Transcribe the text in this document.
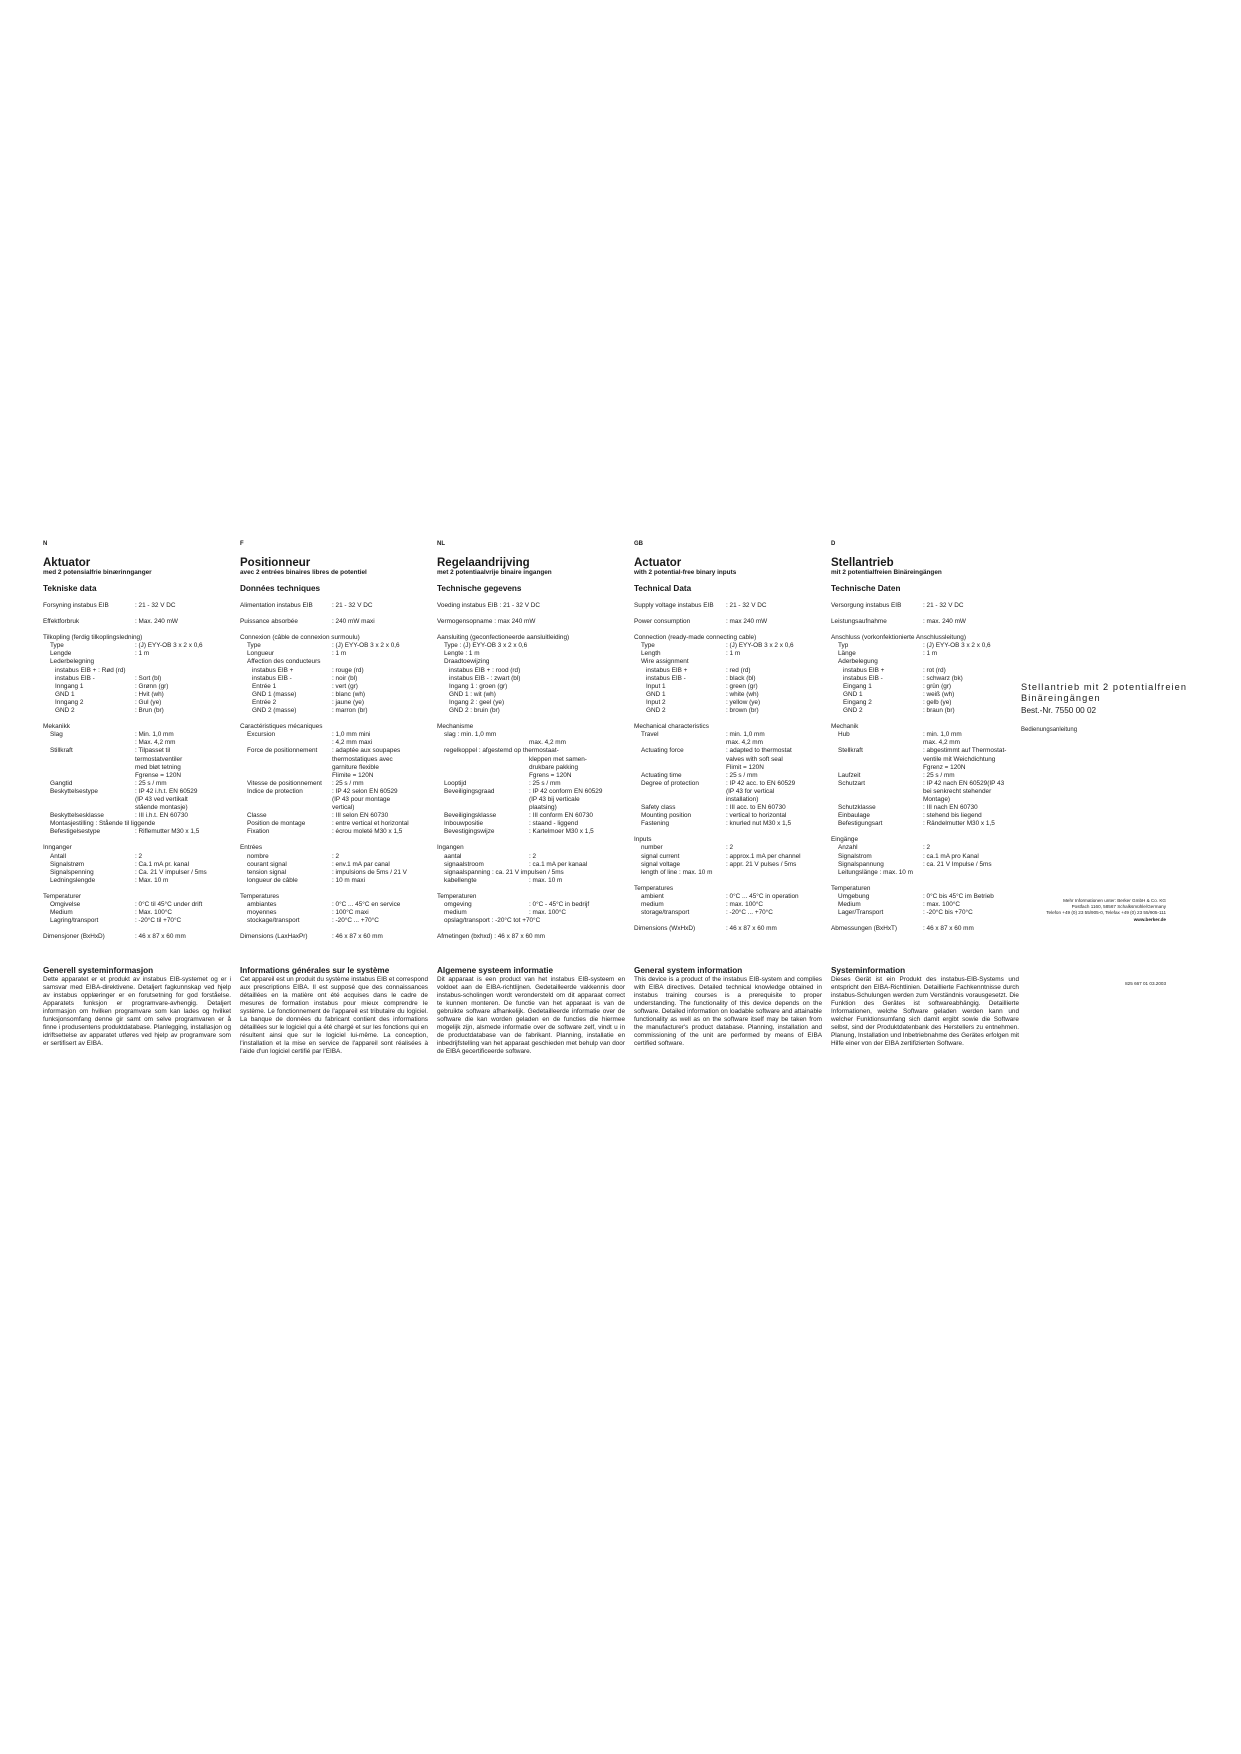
N
Aktuator
med 2 potensialfrie binærinnganger
Tekniske data
Forsyning instabus EIB	: 21 - 32 V DC
Effektforbruk	: Max. 240 mW
Tilkopling (ferdig tilkoplingsledning)
Type	: (J) EYY-OB 3 x 2 x 0,6
Lengde	: 1 m
Lederbelegning
instabus EIB + : Rød (rd)
instabus EIB -	: Sort (bl)
Inngang 1	: Grønn (gr)
GND 1	: Hvit (wh)
Inngang 2	: Gul (ye)
GND 2	: Brun (br)
Mekanikk
Slag	: Min. 1,0 mm
: Max. 4,2 mm
Stillkraft	: Tilpasset til
termostatventiler
med bløt tetning
Fgrense = 120N
Gangtid	: 25 s / mm
Beskyttelsestype	: IP 42 i.h.t. EN 60529
(IP 43 ved vertikalt
stående montasje)
Beskyttelsesklasse	: III i.h.t. EN 60730
Montasjestilling : Stående til liggende
Befestigelsestype	: Riflemutter M30 x 1,5
Innganger
Antall	: 2
Signalstrøm	: Ca.1 mA pr. kanal
Signalspenning	: Ca. 21 V impulser / 5ms
Ledningslengde	: Max. 10 m
Temperaturer
Omgivelse	: 0°C til 45°C under drift
Medium	: Max. 100°C
Lagring/transport	: -20°C til +70°C
Dimensjoner (BxHxD)	: 46 x 87 x 60 mm
Generell systeminformasjon
Dette apparatet er et produkt av instabus EIB-systemet og er i samsvar med EIBA-direktivene. Detaljert fagkunnskap ved hjelp av instabus opplæringer er en forutsetning for god forståelse. Apparatets funksjon er programvare-avhengig. Detaljert informasjon om hvilken programvare som kan lades og hvilket funksjonsomfang denne gir samt om selve programvaren er å finne i produsentens produktdatabase. Planlegging, installasjon og idriftsettelse av apparatet utføres ved hjelp av programvare som er sertifisert av EIBA.
F
Positionneur
avec 2 entrées binaires libres de potentiel
Données techniques
Alimentation instabus EIB	: 21 - 32 V DC
Puissance absorbée	: 240 mW maxi
Connexion (câble de connexion surmoulu)
Type	: (J) EYY-OB 3 x 2 x 0,6
Longueur	: 1 m
Affection des conducteurs
instabus EIB +	: rouge (rd)
instabus EIB -	: noir (bl)
Entrée 1	: vert (gr)
GND 1 (masse)	: blanc (wh)
Entrée 2	: jaune (ye)
GND 2 (masse)	: marron (br)
Caractéristiques mécaniques
Excursion	: 1,0 mm mini
: 4,2 mm maxi
Force de positionnement	: adaptée aux soupapes
thermostatiques avec
garniture flexible
Flimite = 120N
Vitesse de positionnement	: 25 s / mm
Indice de protection	: IP 42 selon EN 60529
(IP 43 pour montage
vertical)
Classe	: III selon EN 60730
Position de montage	: entre vertical et horizontal
Fixation	: écrou moleté M30 x 1,5
Entrées
nombre	: 2
courant signal	: env.1 mA par canal
tension signal	: impulsions de 5ms / 21 V
longueur de câble	: 10 m maxi
Temperatures
ambiantes	: 0°C ... 45°C en service
moyennes	: 100°C maxi
stockage/transport	: -20°C ... +70°C
Dimensions (LaxHaxPr)	: 46 x 87 x 60 mm
Informations générales sur le système
Cet appareil est un produit du système instabus EIB et correspond aux prescriptions EIBA. Il est supposé que des connaissances détaillées en la matière ont été acquises dans le cadre de mesures de formation instabus pour mieux comprendre le système. Le fonctionnement de l'appareil est tributaire du logiciel. La banque de données du fabricant contient des informations détaillées sur le logiciel qui a été chargé et sur les fonctions qui en résultent ainsi que sur le logiciel lui-même. La conception, l'installation et la mise en service de l'appareil sont réalisées à l'aide d'un logiciel certifié par l'EIBA.
NL
Regelaandrijving
met 2 potentiaalvrije binaire ingangen
Technische gegevens
Voeding instabus EIB : 21 - 32 V DC
Vermogensopname : max 240 mW
Aansluiting (geconfectioneerde aansluitleiding)
Type : (J) EYY-OB 3 x 2 x 0,6
Lengte : 1 m
Draadtoewijzing
instabus EIB + : rood (rd)
instabus EIB - : zwart (bl)
Ingang 1 : groen (gr)
GND 1 : wit (wh)
Ingang 2 : geel (ye)
GND 2 : bruin (br)
Mechanisme
slag : min. 1,0 mm
max. 4,2 mm
regelkoppel : afgestemd op thermostaat-
kleppen met samen-
drukbare pakking
Fgrens = 120N
Looptijd	: 25 s / mm
Beveiligingsgraad	: IP 42 conform EN 60529
(IP 43 bij verticale
plaatsing)
Beveiligingsklasse	: III conform EN 60730
Inbouwpositie	: staand - liggend
Bevestigingswijze	: Kartelmoer M30 x 1,5
Ingangen
aantal	: 2
signaalstroom	: ca.1 mA per kanaal
signaalspanning : ca. 21 V impulsen / 5ms
kabellengte	: max. 10 m
Temperaturen
omgeving	: 0°C - 45°C in bedrijf
medium	: max. 100°C
opslag/transport : -20°C tot +70°C
Afmetingen (bxhxd) : 46 x 87 x 60 mm
Algemene systeem informatie
Dit apparaat is een product van het instabus EIB-systeem en voldoet aan de EIBA-richtlijnen. Gedetailleerde vakkennis door instabus-scholingen wordt verondersteld om dit apparaat correct te kunnen monteren. De functie van het apparaat is van de gebruikte software afhankelijk. Gedetailleerde informatie over de software die kan worden geladen en de functies die hiermee mogelijk zijn, alsmede informatie over de software zelf, vindt u in de productdatabase van de fabrikant. Planning, installatie en inbedrijfstelling van het apparaat geschieden met behulp van door de EIBA gecertificeerde software.
GB
Actuator
with 2 potential-free binary inputs
Technical Data
Supply voltage instabus EIB	: 21 - 32 V DC
Power consumption	: max 240 mW
Connection (ready-made connecting cable)
Type	: (J) EYY-OB 3 x 2 x 0,6
Length	: 1 m
Wire assignment
instabus EIB +	: red (rd)
instabus EIB -	: black (bl)
Input 1	: green (gr)
GND 1	: white (wh)
Input 2	: yellow (ye)
GND 2	: brown (br)
Mechanical characteristics
Travel	: min. 1,0 mm
max. 4,2 mm
Actuating force	: adapted to thermostat
valves with soft seal
Flimit = 120N
Actuating time	: 25 s / mm
Degree of protection	: IP 42 acc. to EN 60529
(IP 43 for vertical
installation)
Safety class	: III acc. to EN 60730
Mounting position	: vertical to horizontal
Fastening	: knurled nut M30 x 1,5
Inputs
number	: 2
signal current	: approx.1 mA per channel
signal voltage	: appr. 21 V pulses / 5ms
length of line : max. 10 m
Temperatures
ambient	: 0°C ... 45°C in operation
medium	: max. 100°C
storage/transport	: -20°C ... +70°C
Dimensions (WxHxD)	: 46 x 87 x 60 mm
General system information
This device is a product of the instabus EIB-system and complies with EIBA directives. Detailed technical knowledge obtained in instabus training courses is a prerequisite to proper understanding. The functionality of this device depends on the software. Detailed information on loadable software and attainable functionality as well as on the software itself may be taken from the manufacturer's product database. Planning, installation and commissioning of the unit are performed by means of EIBA certified software.
D
Stellantrieb
mit 2 potentialfreien Binäreingängen
Technische Daten
Versorgung instabus EIB	: 21 - 32 V DC
Leistungsaufnahme	: max. 240 mW
Anschluss (vorkonfektionierte Anschlussleitung)
Typ	: (J) EYY-OB 3 x 2 x 0,6
Länge	: 1 m
Aderbelegung
instabus EIB +	: rot (rd)
instabus EIB -	: schwarz (bk)
Eingang 1	: grün (gr)
GND 1	: weiß (wh)
Eingang 2	: gelb (ye)
GND 2	: braun (br)
Mechanik
Hub	: min. 1,0 mm
max. 4,2 mm
Stellkraft	: abgestimmt auf Thermostat-
ventile mit Weichdichtung
Fgrenz = 120N
Laufzeit	: 25 s / mm
Schutzart	: IP 42 nach EN 60529(IP 43
bei senkrecht stehender
Montage)
Schutzklasse	: III nach EN 60730
Einbaulage	: stehend bis liegend
Befestigungsart	: Rändelmutter M30 x 1,5
Eingänge
Anzahl	: 2
Signalstrom	: ca.1 mA pro Kanal
Signalspannung	: ca. 21 V Impulse / 5ms
Leitungslänge : max. 10 m
Temperaturen
Umgebung	: 0°C bis 45°C im Betrieb
Medium	: max. 100°C
Lager/Transport	: -20°C bis +70°C
Abmessungen (BxHxT)	: 46 x 87 x 60 mm
Systeminformation
Dieses Gerät ist ein Produkt des instabus-EIB-Systems und entspricht den EIBA-Richtlinien. Detaillierte Fachkenntnisse durch instabus-Schulungen werden zum Verständnis vorausgesetzt. Die Funktion des Gerätes ist softwareabhängig. Detaillierte Informationen, welche Software geladen werden kann und welcher Funktionsumfang sich damit ergibt sowie die Software selbst, sind der Produktdatenbank des Herstellers zu entnehmen. Planung, Installation und Inbetriebnahme des Gerätes erfolgen mit Hilfe einer von der EIBA zertifizierten Software.
Stellantrieb mit 2 potentialfreien Binäreingängen
Best.-Nr. 7550 00 02
Bedienungsanleitung
Mehr Informationen unter: Berker GmbH & Co. KG
Postfach 1160, 58567 Schalksmühle/Germany
Telefon +49 (0) 23 55/905-0, Telefax +49 (0) 23 55/905-111
www.berker.de
825 667 01 03.2003
